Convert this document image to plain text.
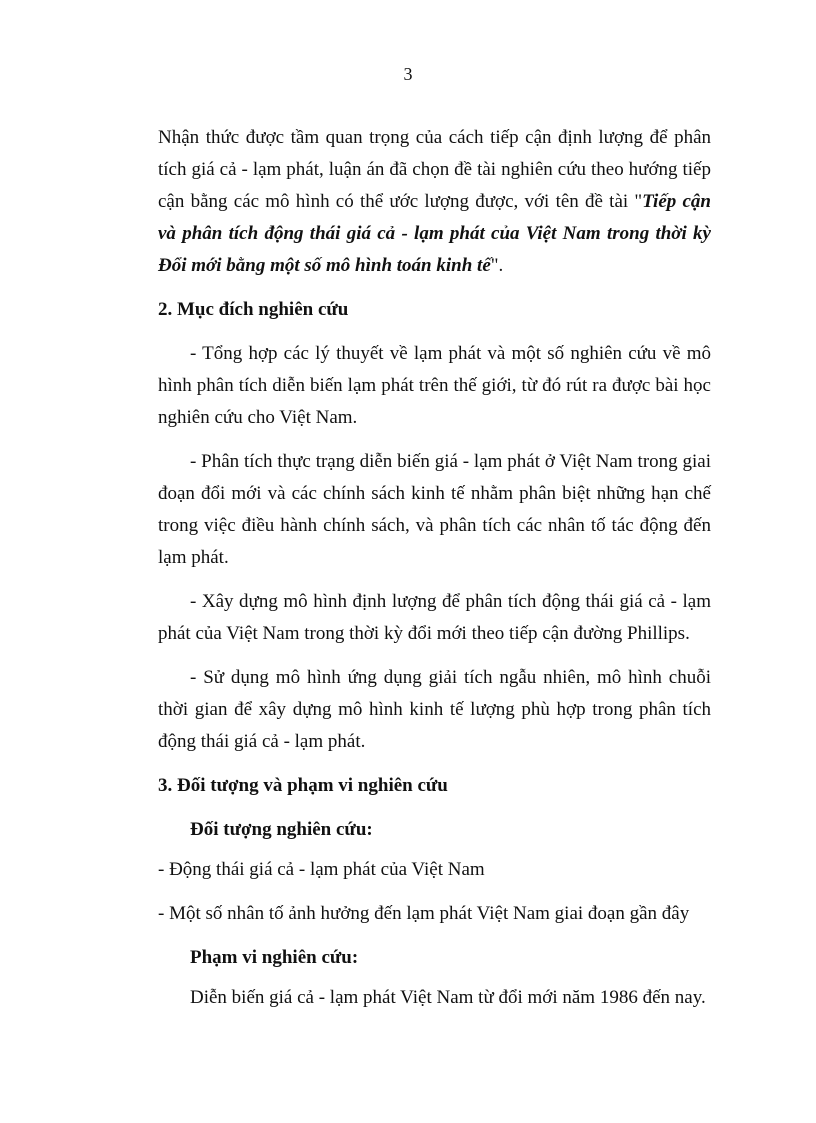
3

Nhận thức được tầm quan trọng của cách tiếp cận định lượng để phân tích giá cả - lạm phát, luận án đã chọn đề tài nghiên cứu theo hướng tiếp cận bằng các mô hình có thể ước lượng được, với tên đề tài "Tiếp cận và phân tích động thái giá cả - lạm phát của Việt Nam trong thời kỳ Đổi mới bằng một số mô hình toán kinh tế".

2. Mục đích nghiên cứu

- Tổng hợp các lý thuyết về lạm phát và một số nghiên cứu về mô hình phân tích diễn biến lạm phát trên thế giới, từ đó rút ra được bài học nghiên cứu cho Việt Nam.

- Phân tích thực trạng diễn biến giá - lạm phát ở Việt Nam trong giai đoạn đổi mới và các chính sách kinh tế nhằm phân biệt những hạn chế trong việc điều hành chính sách, và phân tích các nhân tố tác động đến lạm phát.

- Xây dựng mô hình định lượng để phân tích động thái giá cả - lạm phát của Việt Nam trong thời kỳ đổi mới theo tiếp cận đường Phillips.

- Sử dụng mô hình ứng dụng giải tích ngẫu nhiên, mô hình chuỗi thời gian để xây dựng mô hình kinh tế lượng phù hợp trong phân tích động thái giá cả - lạm phát.

3. Đối tượng và phạm vi nghiên cứu
Đối tượng nghiên cứu:
- Động thái giá cả - lạm phát của Việt Nam
- Một số nhân tố ảnh hưởng đến lạm phát Việt Nam giai đoạn gần đây
Phạm vi nghiên cứu:
Diễn biến giá cả - lạm phát Việt Nam từ đổi mới năm 1986 đến nay.
